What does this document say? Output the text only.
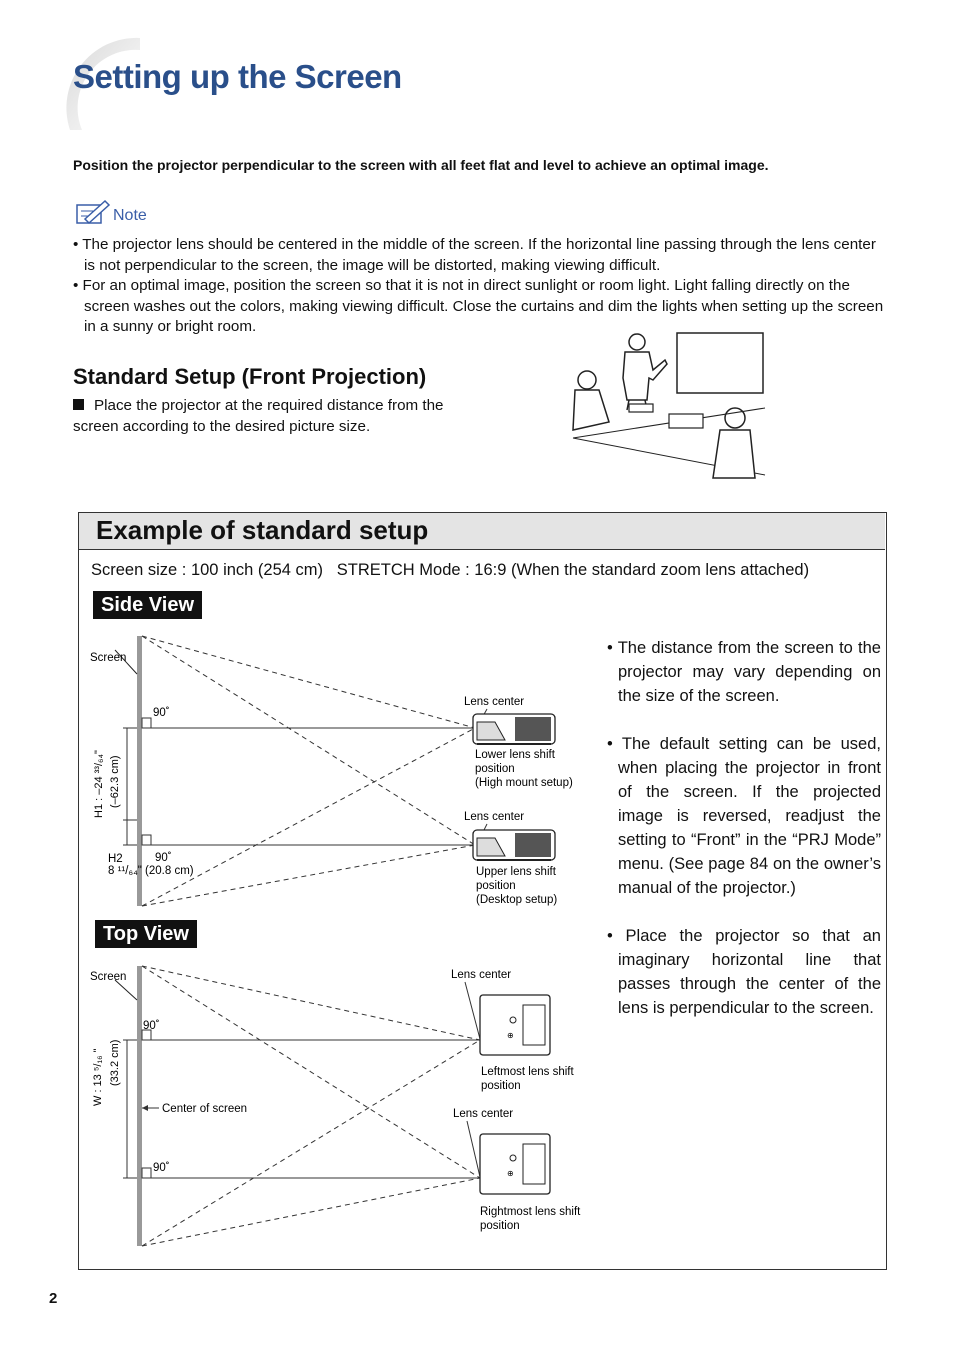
Setting up the Screen
Position the projector perpendicular to the screen with all feet flat and level to achieve an optimal image.
Note
• The projector lens should be centered in the middle of the screen. If the horizontal line passing through the lens center is not perpendicular to the screen, the image will be distorted, making viewing difficult.
• For an optimal image, position the screen so that it is not in direct sunlight or room light. Light falling directly on the screen washes out the colors, making viewing difficult. Close the curtains and dim the lights when setting up the screen in a sunny or bright room.
Standard Setup (Front Projection)
Place the projector at the required distance from the screen according to the desired picture size.
Example of standard setup
Screen size : 100 inch (254 cm)   STRETCH Mode : 16:9 (When the standard zoom lens attached)
Side View
Top View
Screen
90˚
90˚
H1 : –24 ³³/₆₄" (–62.3 cm)
H2
8 ¹¹/₆₄" (20.8 cm)
Lens center
Lower lens shift
position
(High mount setup)
Lens center
Upper lens shift
position
(Desktop setup)
Screen
90˚
90˚
W : 13 ⁵/₁₆ " (33.2 cm)
Center of screen
Lens center
⊕
Leftmost lens shift
position
Lens center
⊕
Rightmost lens shift
position
• The distance from the screen to the projector may vary depending on the size of the screen.
• The default setting can be used, when placing the projector in front of the screen. If the projected image is reversed, readjust the setting to “Front” in the “PRJ Mode” menu. (See page 84 on the owner’s manual of the projector.)
• Place the projector so that an imaginary horizontal line that passes through the center of the lens is perpendicular to the screen.
2
